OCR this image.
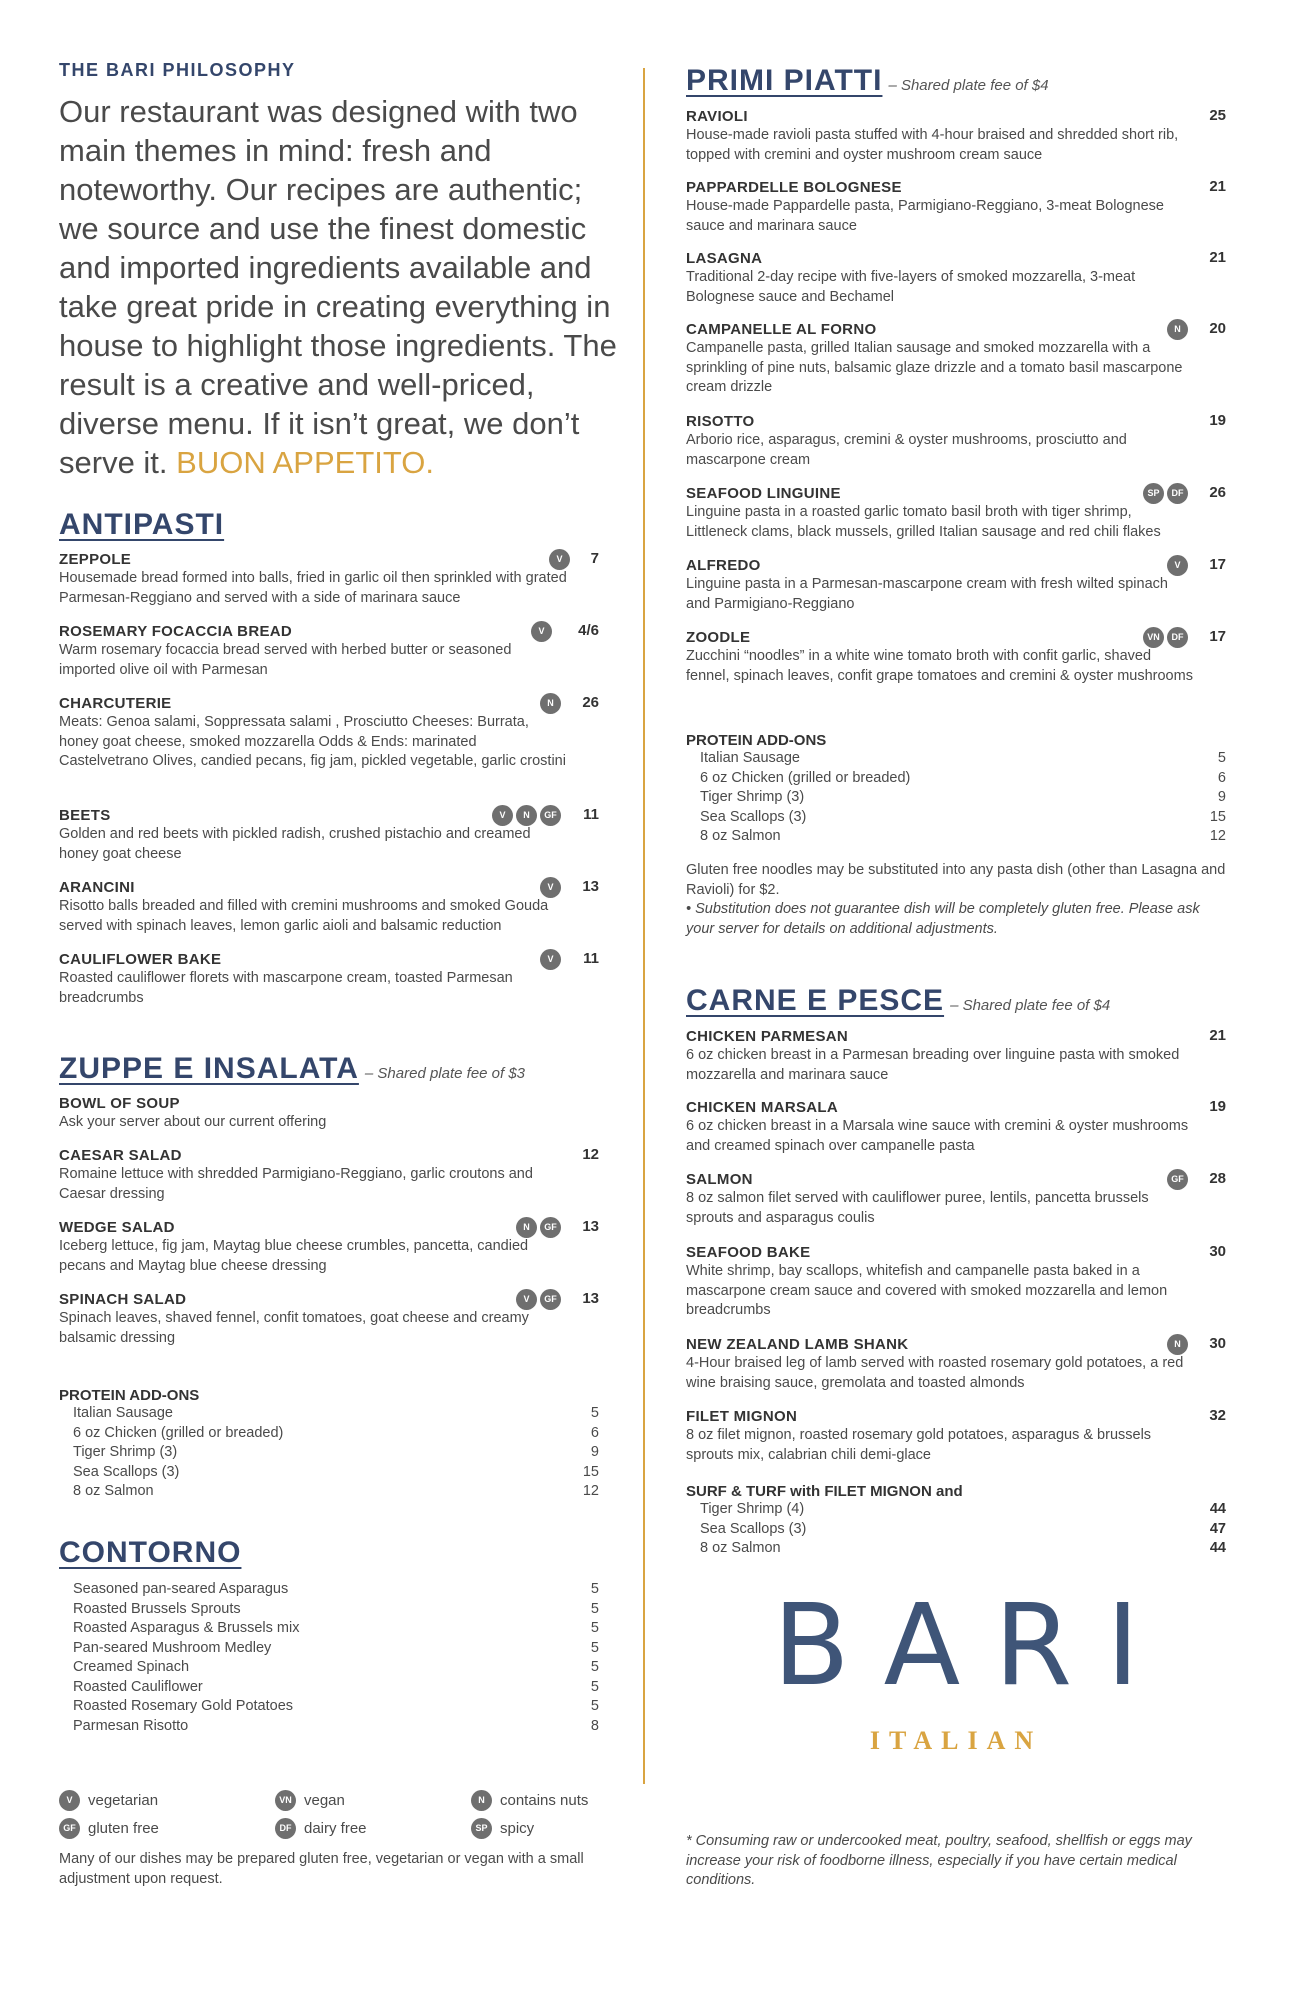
THE BARI PHILOSOPHY
Our restaurant was designed with two main themes in mind: fresh and noteworthy. Our recipes are authentic; we source and use the finest domestic and imported ingredients available and take great pride in creating everything in house to highlight those ingredients. The result is a creative and well-priced, diverse menu. If it isn’t great, we don’t serve it. BUON APPETITO.
ANTIPASTI
ZEPPOLE
Housemade bread formed into balls, fried in garlic oil then sprinkled with grated Parmesan-Reggiano and served with a side of marinara sauce
7
V
ROSEMARY FOCACCIA BREAD
Warm rosemary focaccia bread served with herbed butter or seasoned imported olive oil with Parmesan
4/6
V
CHARCUTERIE
Meats: Genoa salami, Soppressata salami , Prosciutto Cheeses: Burrata, honey goat cheese, smoked mozzarella Odds & Ends: marinated Castelvetrano Olives, candied pecans, fig jam, pickled vegetable, garlic crostini
26
N
BEETS
Golden and red beets with pickled radish, crushed pistachio and creamed honey goat cheese
11
V	N	GF
ARANCINI
Risotto balls breaded and filled with cremini mushrooms and smoked Gouda served with spinach leaves, lemon garlic aioli and balsamic reduction
13
V
CAULIFLOWER BAKE
Roasted cauliflower florets with mascarpone cream, toasted Parmesan breadcrumbs
11
V
ZUPPE E INSALATA – Shared plate fee of $3
BOWL OF SOUP
Ask your server about our current offering
CAESAR SALAD
Romaine lettuce with shredded Parmigiano-Reggiano, garlic croutons and Caesar dressing
12
WEDGE SALAD
Iceberg lettuce, fig jam, Maytag blue cheese crumbles, pancetta, candied pecans and Maytag blue cheese dressing
13
N	GF
SPINACH SALAD
Spinach leaves, shaved fennel, confit tomatoes, goat cheese and creamy balsamic dressing
13
V	GF
PROTEIN ADD-ONS
Italian Sausage	5
6 oz Chicken (grilled or breaded)	6
Tiger Shrimp (3)	9
Sea Scallops (3)	15
8 oz Salmon	12
CONTORNO
Seasoned pan-seared Asparagus	5
Roasted Brussels Sprouts	5
Roasted Asparagus & Brussels mix	5
Pan-seared Mushroom Medley	5
Creamed Spinach	5
Roasted Cauliflower	5
Roasted Rosemary Gold Potatoes	5
Parmesan Risotto	8
V	vegetarian	VN vegan	N	contains nuts
GF gluten free	DF dairy free	SP spicy
Many of our dishes may be prepared gluten free, vegetarian or vegan with a small adjustment upon request.
PRIMI PIATTI – Shared plate fee of $4
RAVIOLI
House-made ravioli pasta stuffed with 4-hour braised and shredded short rib, topped with cremini and oyster mushroom cream sauce
25
PAPPARDELLE BOLOGNESE
House-made Pappardelle pasta, Parmigiano-Reggiano, 3-meat Bolognese sauce and marinara sauce
21
LASAGNA
Traditional 2-day recipe with five-layers of smoked mozzarella, 3-meat Bolognese sauce and Bechamel
21
CAMPANELLE AL FORNO
Campanelle pasta, grilled Italian sausage and smoked mozzarella with a sprinkling of pine nuts, balsamic glaze drizzle and a tomato basil mascarpone cream drizzle
20
N
RISOTTO
Arborio rice, asparagus, cremini & oyster mushrooms, prosciutto and mascarpone cream
19
SEAFOOD LINGUINE
Linguine pasta in a roasted garlic tomato basil broth with tiger shrimp, Littleneck clams, black mussels, grilled Italian sausage and red chili flakes
26
SP	DF
ALFREDO
Linguine pasta in a Parmesan-mascarpone cream with fresh wilted spinach and Parmigiano-Reggiano
17
V
ZOODLE
Zucchini “noodles” in a white wine tomato broth with confit garlic, shaved fennel, spinach leaves, confit grape tomatoes and cremini & oyster mushrooms
17
VN	DF
PROTEIN ADD-ONS
Italian Sausage	5
6 oz Chicken (grilled or breaded)	6
Tiger Shrimp (3)	9
Sea Scallops (3)	15
8 oz Salmon	12
Gluten free noodles may be substituted into any pasta dish (other than Lasagna and Ravioli) for $2.
• Substitution does not guarantee dish will be completely gluten free. Please ask your server for details on additional adjustments.
CARNE E PESCE – Shared plate fee of $4
CHICKEN PARMESAN
6 oz chicken breast in a Parmesan breading over linguine pasta with smoked mozzarella and marinara sauce
21
CHICKEN MARSALA
6 oz chicken breast in a Marsala wine sauce with cremini & oyster mushrooms and creamed spinach over campanelle pasta
19
SALMON
8 oz salmon filet served with cauliflower puree, lentils, pancetta brussels sprouts and asparagus coulis
28
GF
SEAFOOD BAKE
White shrimp, bay scallops, whitefish and campanelle pasta baked in a mascarpone cream sauce and covered with smoked mozzarella and lemon breadcrumbs
30
NEW ZEALAND LAMB SHANK
4-Hour braised leg of lamb served with roasted rosemary gold potatoes, a red wine braising sauce, gremolata and toasted almonds
30
N
FILET MIGNON
8 oz filet mignon, roasted rosemary gold potatoes, asparagus & brussels sprouts mix, calabrian chili demi-glace
32
SURF & TURF with FILET MIGNON and
Tiger Shrimp (4)	44
Sea Scallops (3)	47
8 oz Salmon	44
BARI
ITALIAN
* Consuming raw or undercooked meat, poultry, seafood, shellfish or eggs may increase your risk of foodborne illness, especially if you have certain medical conditions.
